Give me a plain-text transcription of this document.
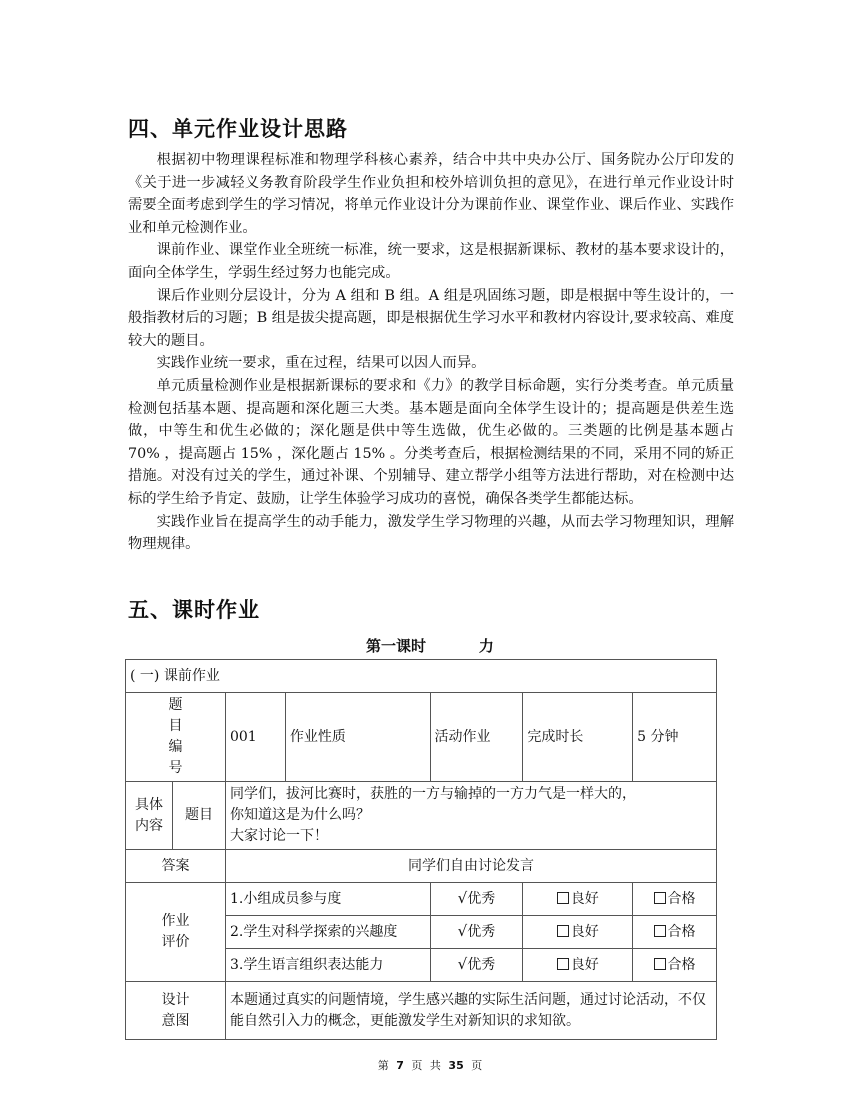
四、单元作业设计思路

根据初中物理课程标准和物理学科核心素养，结合中共中央办公厅、国务院办公厅印发的《关于进一步减轻义务教育阶段学生作业负担和校外培训负担的意见》，在进行单元作业设计时需要全面考虑到学生的学习情况，将单元作业设计分为课前作业、课堂作业、课后作业、实践作业和单元检测作业。

课前作业、课堂作业全班统一标准，统一要求，这是根据新课标、教材的基本要求设计的，面向全体学生，学弱生经过努力也能完成。

课后作业则分层设计，分为 A 组和 B 组。A 组是巩固练习题，即是根据中等生设计的，一般指教材后的习题；B 组是拔尖提高题，即是根据优生学习水平和教材内容设计,要求较高、难度较大的题目。

实践作业统一要求，重在过程，结果可以因人而异。

单元质量检测作业是根据新课标的要求和《力》的教学目标命题，实行分类考查。单元质量检测包括基本题、提高题和深化题三大类。基本题是面向全体学生设计的；提高题是供差生选做，中等生和优生必做的；深化题是供中等生选做，优生必做的。三类题的比例是基本题占 70% ，提高题占 15% ，深化题占 15% 。分类考查后，根据检测结果的不同，采用不同的矫正措施。对没有过关的学生，通过补课、个别辅导、建立帮学小组等方法进行帮助，对在检测中达标的学生给予肯定、鼓励，让学生体验学习成功的喜悦，确保各类学生都能达标。

实践作业旨在提高学生的动手能力，激发学生学习物理的兴趣，从而去学习物理知识，理解物理规律。

五、课时作业
第一课时    力
( 一) 课前作业						
题目编号		001	作业性质	活动作业	完成时长	5 分钟
具体内容	题目	同学们，拔河比赛时，获胜的一方与输掉的一方力气是一样大的，
你知道这是为什么吗？
大家讨论一下！				

答案		同学们自由讨论发言				
作业评价		1.小组成员参与度		√优秀	良好	合格
		2.学生对科学探索的兴趣度		√优秀	良好	合格
		3.学生语言组织表达能力		√优秀	良好	合格
设计意图		本题通过真实的问题情境，学生感兴趣的实际生活问题，通过讨论活动，不仅能自然引入力的概念，更能激发学生对新知识的求知欲。				
第 7 页 共 35 页
